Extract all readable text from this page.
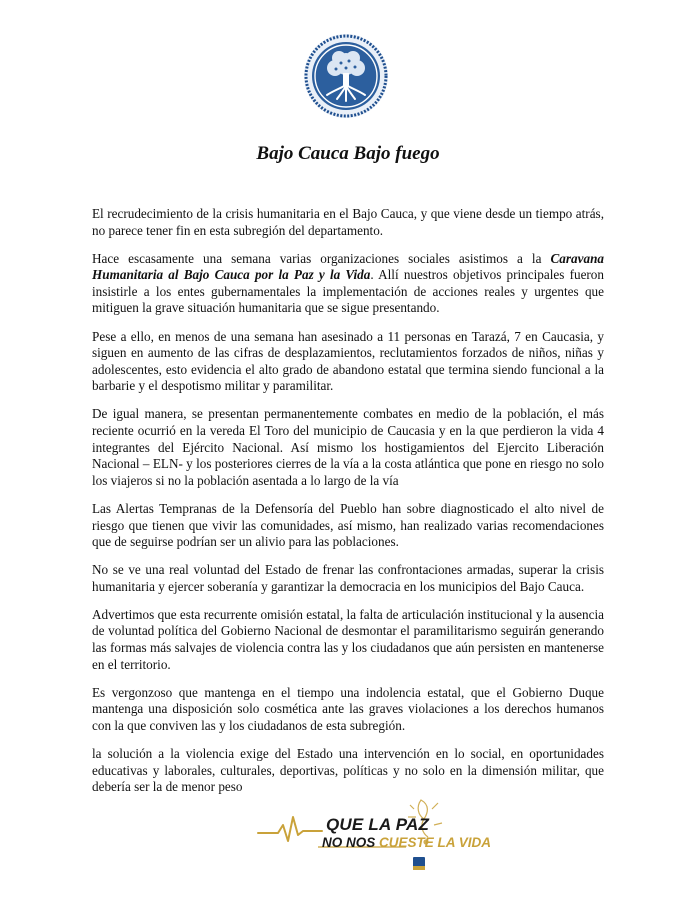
Bajo Cauca Bajo fuego

El recrudecimiento de la crisis humanitaria en el Bajo Cauca, y que viene desde un tiempo atrás, no parece tener fin en esta subregión del departamento.

Hace escasamente una semana varias organizaciones sociales asistimos a la Caravana Humanitaria al Bajo Cauca por la Paz y la Vida. Allí nuestros objetivos principales fueron insistirle a los entes gubernamentales la implementación de acciones reales y urgentes que mitiguen la grave situación humanitaria que se sigue presentando.

Pese a ello, en menos de una semana han asesinado a 11 personas en Tarazá, 7 en Caucasia, y siguen en aumento de las cifras de desplazamientos, reclutamientos forzados de niños, niñas y adolescentes, esto evidencia el alto grado de abandono estatal que termina siendo funcional a la barbarie y el despotismo militar y paramilitar.

De igual manera, se presentan permanentemente combates en medio de la población, el más reciente ocurrió en la vereda El Toro del municipio de Caucasia y en la que perdieron la vida 4 integrantes del Ejército Nacional. Así mismo los hostigamientos del Ejercito Liberación Nacional – ELN- y los posteriores cierres de la vía a la costa atlántica que pone en riesgo no solo los viajeros si no la población asentada a lo largo de la vía

Las Alertas Tempranas de la Defensoría del Pueblo han sobre diagnosticado el alto nivel de riesgo que tienen que vivir las comunidades, así mismo, han realizado varias recomendaciones que de seguirse podrían ser un alivio para las poblaciones.

No se ve una real voluntad del Estado de frenar las confrontaciones armadas, superar la crisis humanitaria y ejercer soberanía y garantizar la democracia en los municipios del Bajo Cauca.

Advertimos que esta recurrente omisión estatal, la falta de articulación institucional y la ausencia de voluntad política del Gobierno Nacional de desmontar el paramilitarismo seguirán generando las formas más salvajes de violencia contra las y los ciudadanos que aún persisten en mantenerse en el territorio.

Es vergonzoso que mantenga en el tiempo una indolencia estatal, que el Gobierno Duque mantenga una disposición solo cosmética ante las graves violaciones a los derechos humanos con la que conviven las y los ciudadanos de esta subregión.

la solución a la violencia exige del Estado una intervención en lo social, en oportunidades educativas y laborales, culturales, deportivas, políticas y no solo en la dimensión militar, que debería ser la de menor peso

QUE LA PAZ
NO NOS CUESTE LA VIDA
